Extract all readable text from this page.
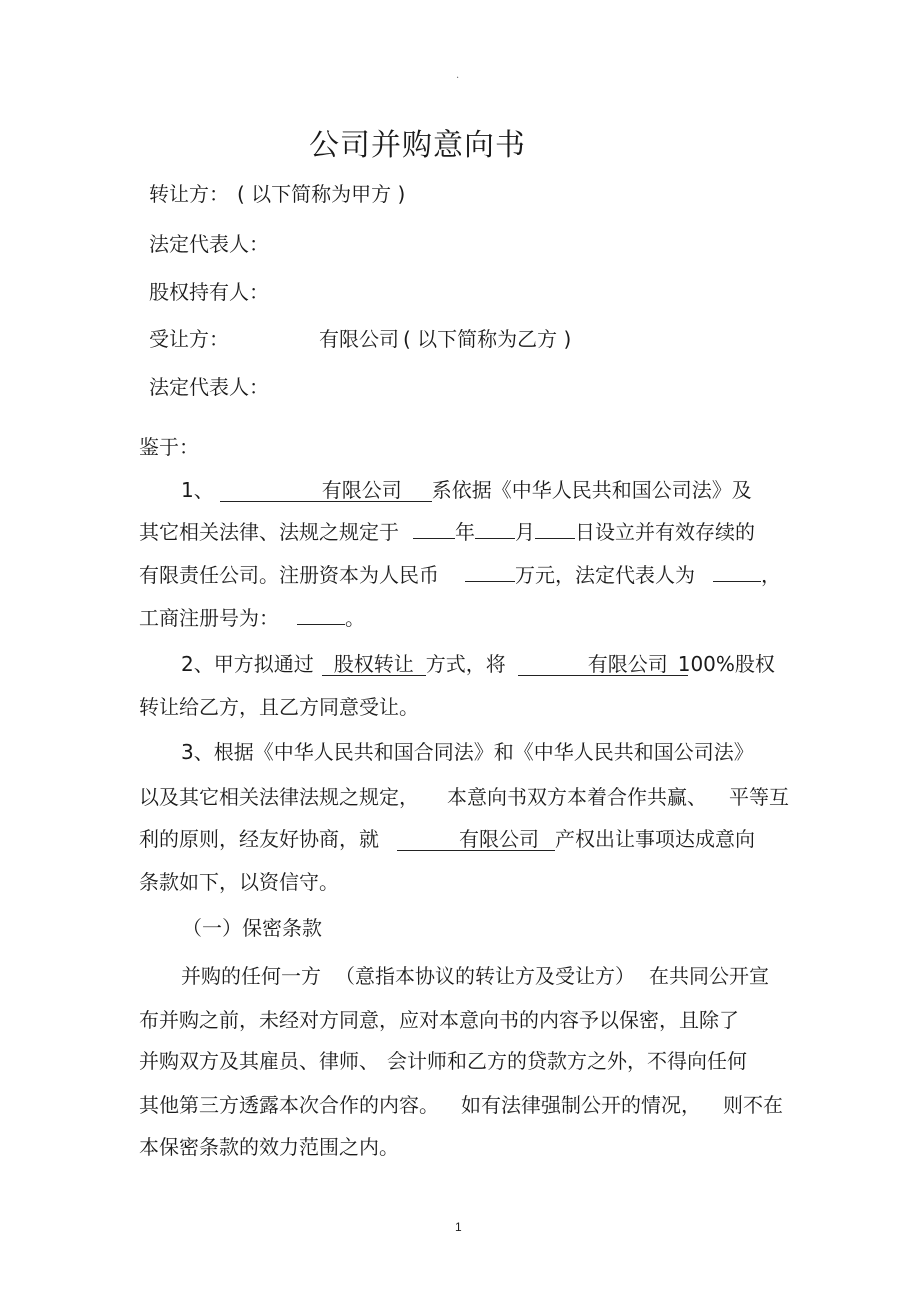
.
公司并购意向书
转让方： ( 以下简称为甲方 )
法定代表人：
股权持有人：
受让方：	有限公司 ( 以下简称为乙方 )
法定代表人：
鉴于：
1、	有限公司 系依据《中华人民共和国公司法》及
其它相关法律、法规之规定于	年 月 日设立并有效存续的
有限责任公司。注册资本为人民币	万元，法定代表人为	，
工商注册号为：	。
2、甲方拟通过 股权转让 方式，将	有限公司 100%股权
转让给乙方，且乙方同意受让。
3、根据《中华人民共和国合同法》和《中华人民共和国公司法》
以及其它相关法律法规之规定， 本意向书双方本着合作共赢、 平等互
利的原则，经友好协商，就	有限公司 产权出让事项达成意向
条款如下，以资信守。
（一）保密条款
并购的任何一方 （意指本协议的转让方及受让方） 在共同公开宣
布并购之前，未经对方同意，应对本意向书的内容予以保密，且除了
并购双方及其雇员、律师、 会计师和乙方的贷款方之外，不得向任何
其他第三方透露本次合作的内容。 如有法律强制公开的情况， 则不在
本保密条款的效力范围之内。
1
